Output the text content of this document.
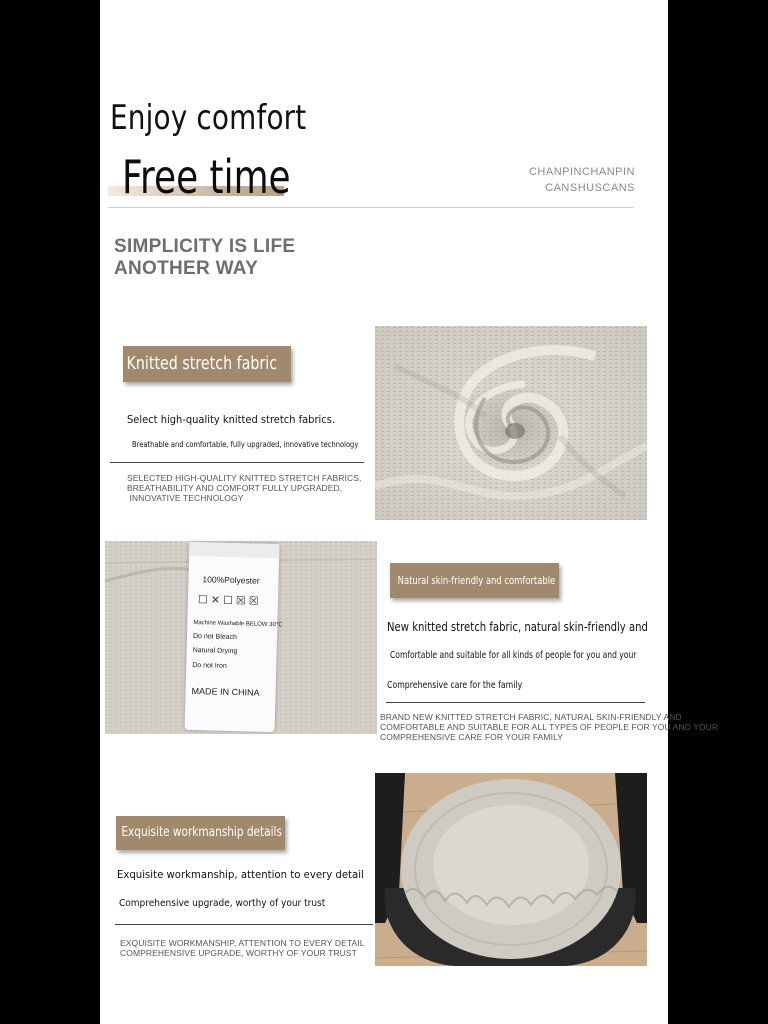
Enjoy comfort
Free time	CHANPINCHANPIN
CANSHUSCANS
SIMPLICITY IS LIFE
ANOTHER WAY
Knitted stretch fabric
Select high-quality knitted stretch fabrics.
Breathable and comfortable, fully upgraded, innovative technology
SELECTED HIGH-QUALITY KNITTED STRETCH FABRICS,
BREATHABILITY AND COMFORT FULLY UPGRADED,
INNOVATIVE TECHNOLOGY
100%Polyester
☐✕☐☒☒
Machine Washable BELOW 30℃
Do not Bleach
Natural Drying
Do not Iron
MADE IN CHINA
Natural skin-friendly and comfortable
New knitted stretch fabric, natural skin-friendly and
Comfortable and suitable for all kinds of people for you and your
Comprehensive care for the family
BRAND NEW KNITTED STRETCH FABRIC, NATURAL SKIN-FRIENDLY AND
COMFORTABLE AND SUITABLE FOR ALL TYPES OF PEOPLE FOR YOU AND YOUR
COMPREHENSIVE CARE FOR YOUR FAMILY
Exquisite workmanship details
Exquisite workmanship, attention to every detail
Comprehensive upgrade, worthy of your trust
EXQUISITE WORKMANSHIP, ATTENTION TO EVERY DETAIL
COMPREHENSIVE UPGRADE, WORTHY OF YOUR TRUST
